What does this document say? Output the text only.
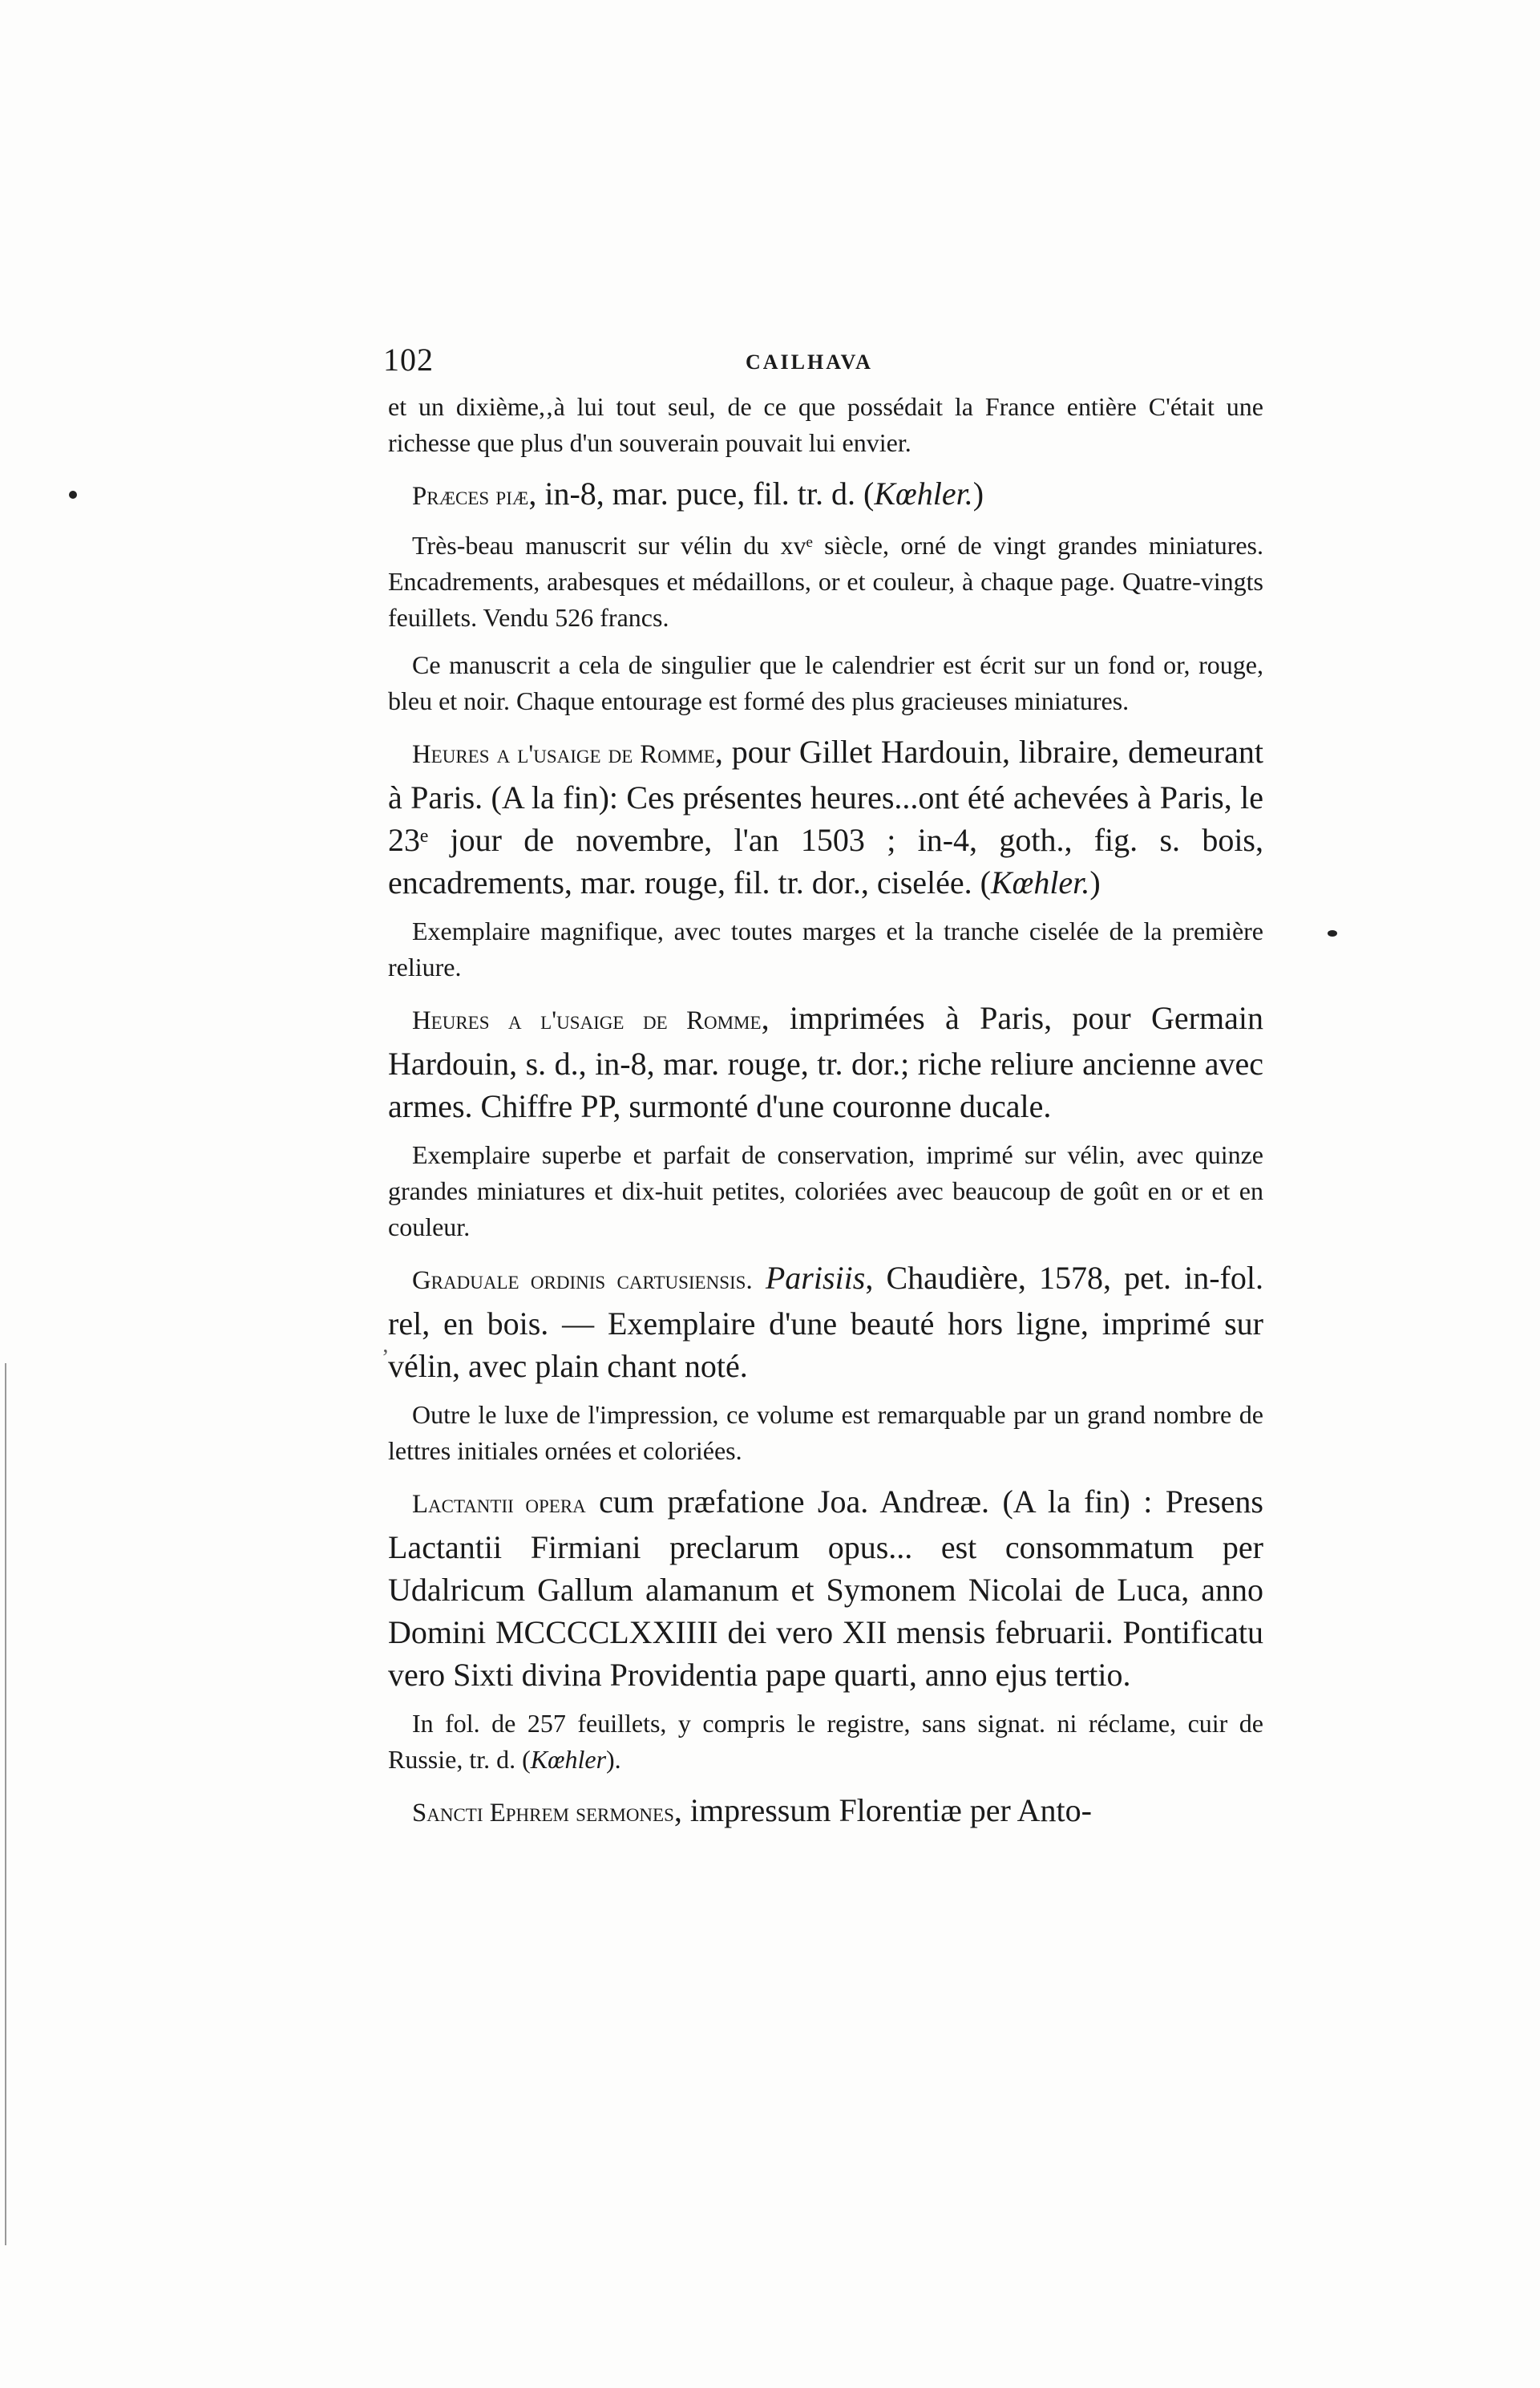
102	CAILHAVA
ʼ

et un dixième,‚à lui tout seul, de ce que possédait la France entière C'était une richesse que plus d'un souverain pouvait lui envier.

Præces piæ, in-8, mar. puce, fil. tr. d. (Kœhler.)

Très-beau manuscrit sur vélin du xvᵉ siècle, orné de vingt grandes miniatures. Encadrements, arabesques et médaillons, or et couleur, à chaque page. Quatre-vingts feuillets. Vendu 526 francs.

Ce manuscrit a cela de singulier que le calendrier est écrit sur un fond or, rouge, bleu et noir. Chaque entourage est formé des plus gracieuses miniatures.

Heures a l'usaige de Romme, pour Gillet Hardouin, libraire, demeurant à Paris. (A la fin): Ces présentes heures...ont été achevées à Paris, le 23ᵉ jour de novembre, l'an 1503 ; in-4, goth., fig. s. bois, encadrements, mar. rouge, fil. tr. dor., ciselée. (Kœhler.)

Exemplaire magnifique, avec toutes marges et la tranche ciselée de la première reliure.

Heures a l'usaige de Romme, imprimées à Paris, pour Germain Hardouin, s. d., in-8, mar. rouge, tr. dor.; riche reliure ancienne avec armes. Chiffre PP, surmonté d'une couronne ducale.

Exemplaire superbe et parfait de conservation, imprimé sur vélin, avec quinze grandes miniatures et dix-huit petites, coloriées avec beaucoup de goût en or et en couleur.

Graduale ordinis cartusiensis. Parisiis, Chaudière, 1578, pet. in-fol. rel, en bois. — Exemplaire d'une beauté hors ligne, imprimé sur vélin, avec plain chant noté.

Outre le luxe de l'impression, ce volume est remarquable par un grand nombre de lettres initiales ornées et coloriées.

Lactantii opera cum præfatione Joa. Andreæ. (A la fin) : Presens Lactantii Firmiani preclarum opus... est consommatum per Udalricum Gallum alamanum et Symonem Nicolai de Luca, anno Domini MCCCCLXXIIII dei vero XII mensis februarii. Pontificatu vero Sixti divina Providentia pape quarti, anno ejus tertio.

In fol. de 257 feuillets, y compris le registre, sans signat. ni réclame, cuir de Russie, tr. d. (Kœhler).

Sancti Ephrem sermones, impressum Florentiæ per Anto-
